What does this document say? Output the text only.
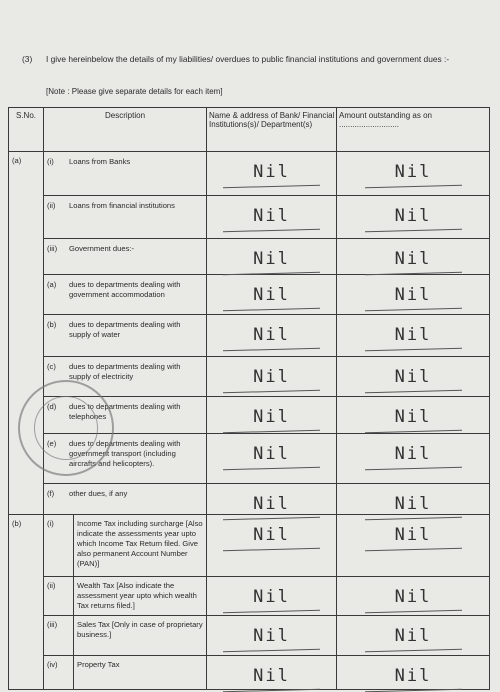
(3) I give hereinbelow the details of my liabilities/ overdues to public financial institutions and government dues :-
[Note : Please give separate details for each item]
S.No.	Description		Name & address of Bank/ Financial Institutions(s)/ Department(s)	Amount outstanding as on ...........................

(a)	(i) Loans from Banks		Nil	Nil

	(ii) Loans from financial institutions		Nil	Nil

	(iii) Government dues:-		Nil	Nil

	(a) dues to departments dealing with government accommodation		Nil	Nil

	(b) dues to departments dealing with supply of water		Nil	Nil

	(c) dues to departments dealing with supply of electricity		Nil	Nil

	(d) dues to departments dealing with telephones		Nil	Nil

	(e) dues to departments dealing with government transport (including aircrafts and helicopters).		Nil	Nil

	(f) other dues, if any		Nil	Nil

(b)	(i)	Income Tax including surcharge [Also indicate the assessments year upto which Income Tax Return filed. Give also permanent Account Number (PAN)]	Nil	Nil

	(ii)	Wealth Tax [Also indicate the assessment year upto which wealth Tax returns filed.]	Nil	Nil

	(iii)	Sales Tax [Only in case of proprietary business.]	Nil	Nil

	(iv)	Property Tax	Nil	Nil
